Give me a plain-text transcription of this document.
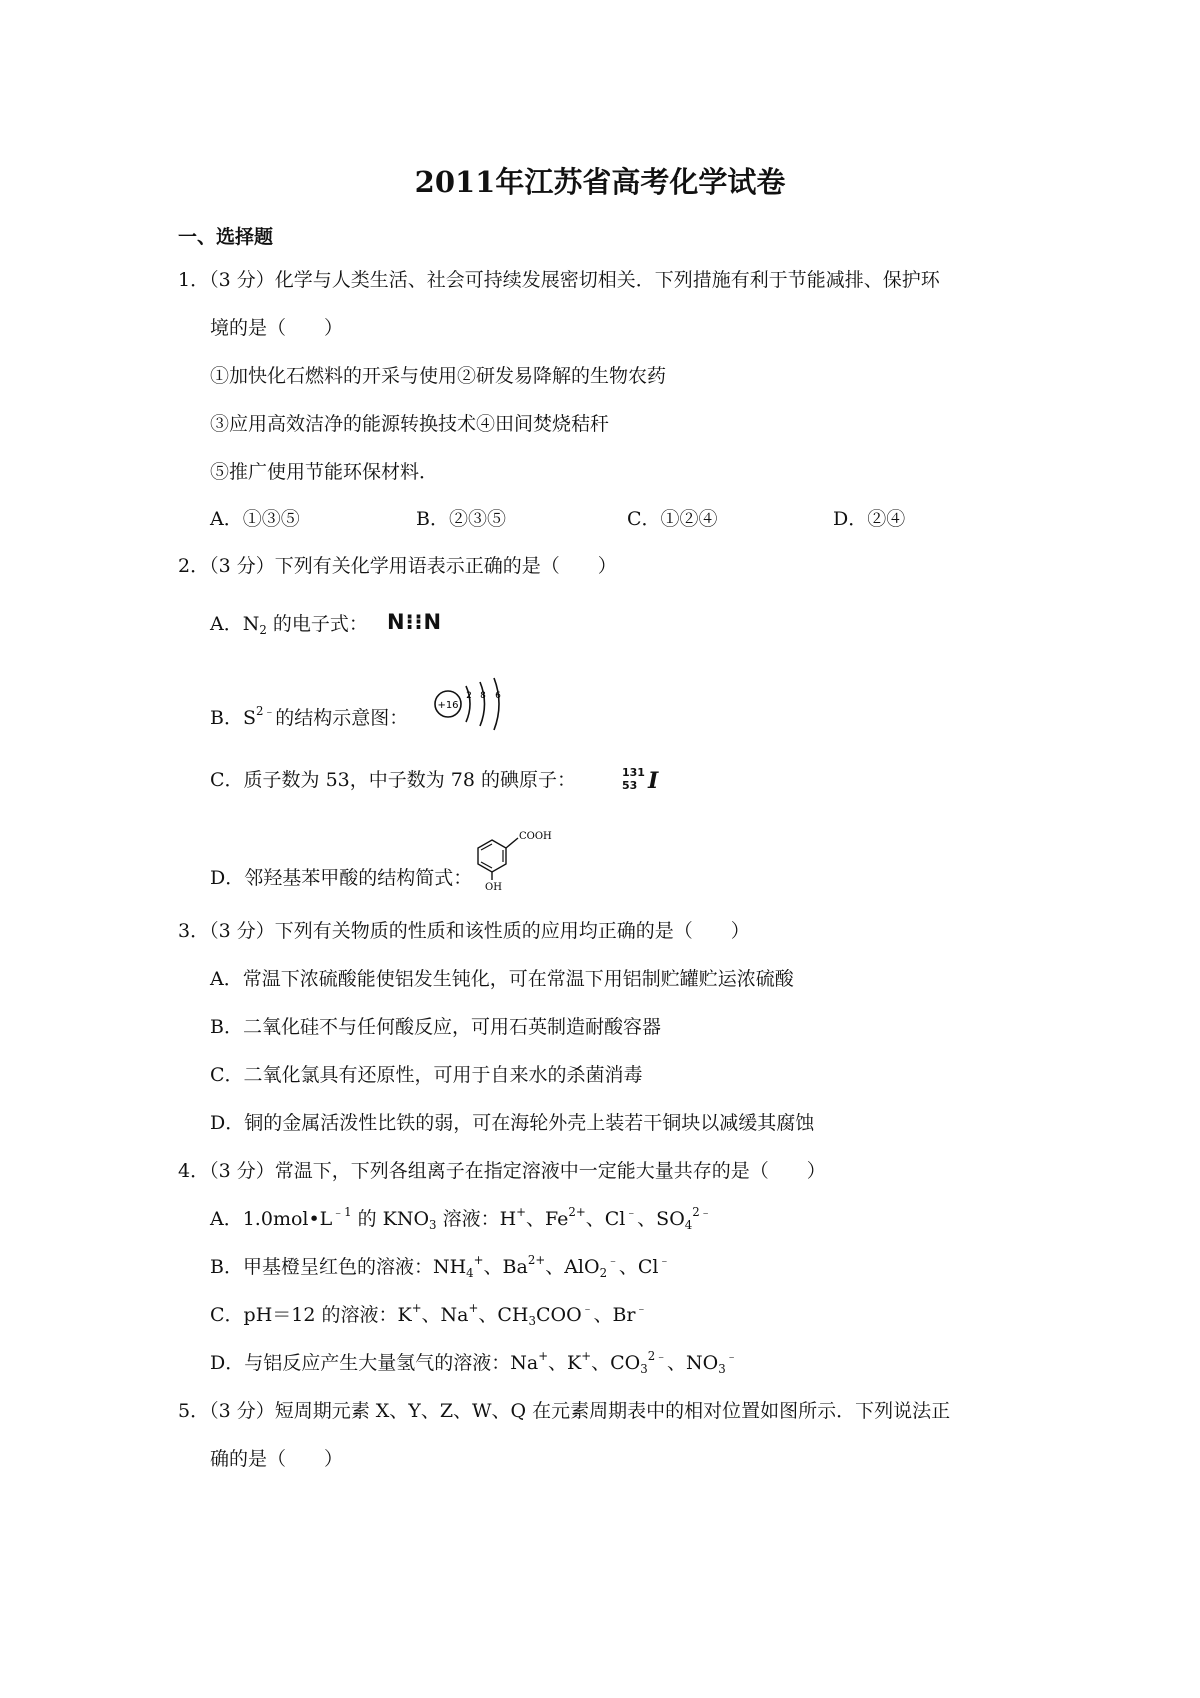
2011年江苏省高考化学试卷
一、选择题
1．（3 分）化学与人类生活、社会可持续发展密切相关．下列措施有利于节能减排、保护环
境的是（　　）
①加快化石燃料的开采与使用②研发易降解的生物农药
③应用高效洁净的能源转换技术④田间焚烧秸秆
⑤推广使用节能环保材料．
A．①③⑤	B．②③⑤	C．①②④	D．②④
2．（3 分）下列有关化学用语表示正确的是（　　）
A．$N_2$ 的电子式： N⁝⁝N
B．$S^{2﹣}$的结构示意图：
+16
2 8 6
C．质子数为 53，中子数为 78 的碘原子：	131
53 I
D．邻羟基苯甲酸的结构简式：
COOH
OH
3．（3 分）下列有关物质的性质和该性质的应用均正确的是（　　）
A．常温下浓硫酸能使铝发生钝化，可在常温下用铝制贮罐贮运浓硫酸
B．二氧化硅不与任何酸反应，可用石英制造耐酸容器
C．二氧化氯具有还原性，可用于自来水的杀菌消毒
D．铜的金属活泼性比铁的弱，可在海轮外壳上装若干铜块以减缓其腐蚀
4．（3 分）常温下，下列各组离子在指定溶液中一定能大量共存的是（　　）
A．$1.0mol•L^{﹣1}$ 的 $KNO_3$ 溶液：H+、$Fe^{2+}$、Cl﹣、$SO_4^{2﹣}$
B．甲基橙呈红色的溶液：$NH_4^+$、$Ba^{2+}$、AlO$_2$﹣、Cl﹣
C．pH＝12 的溶液：K+、Na+、$CH_3COO^﹣$、Br﹣
D．与铝反应产生大量氢气的溶液：Na+、K+、$CO_3^{2﹣}$、$NO_3^﹣$
5．（3 分）短周期元素 X、Y、Z、W、Q 在元素周期表中的相对位置如图所示．下列说法正
确的是（　　）
